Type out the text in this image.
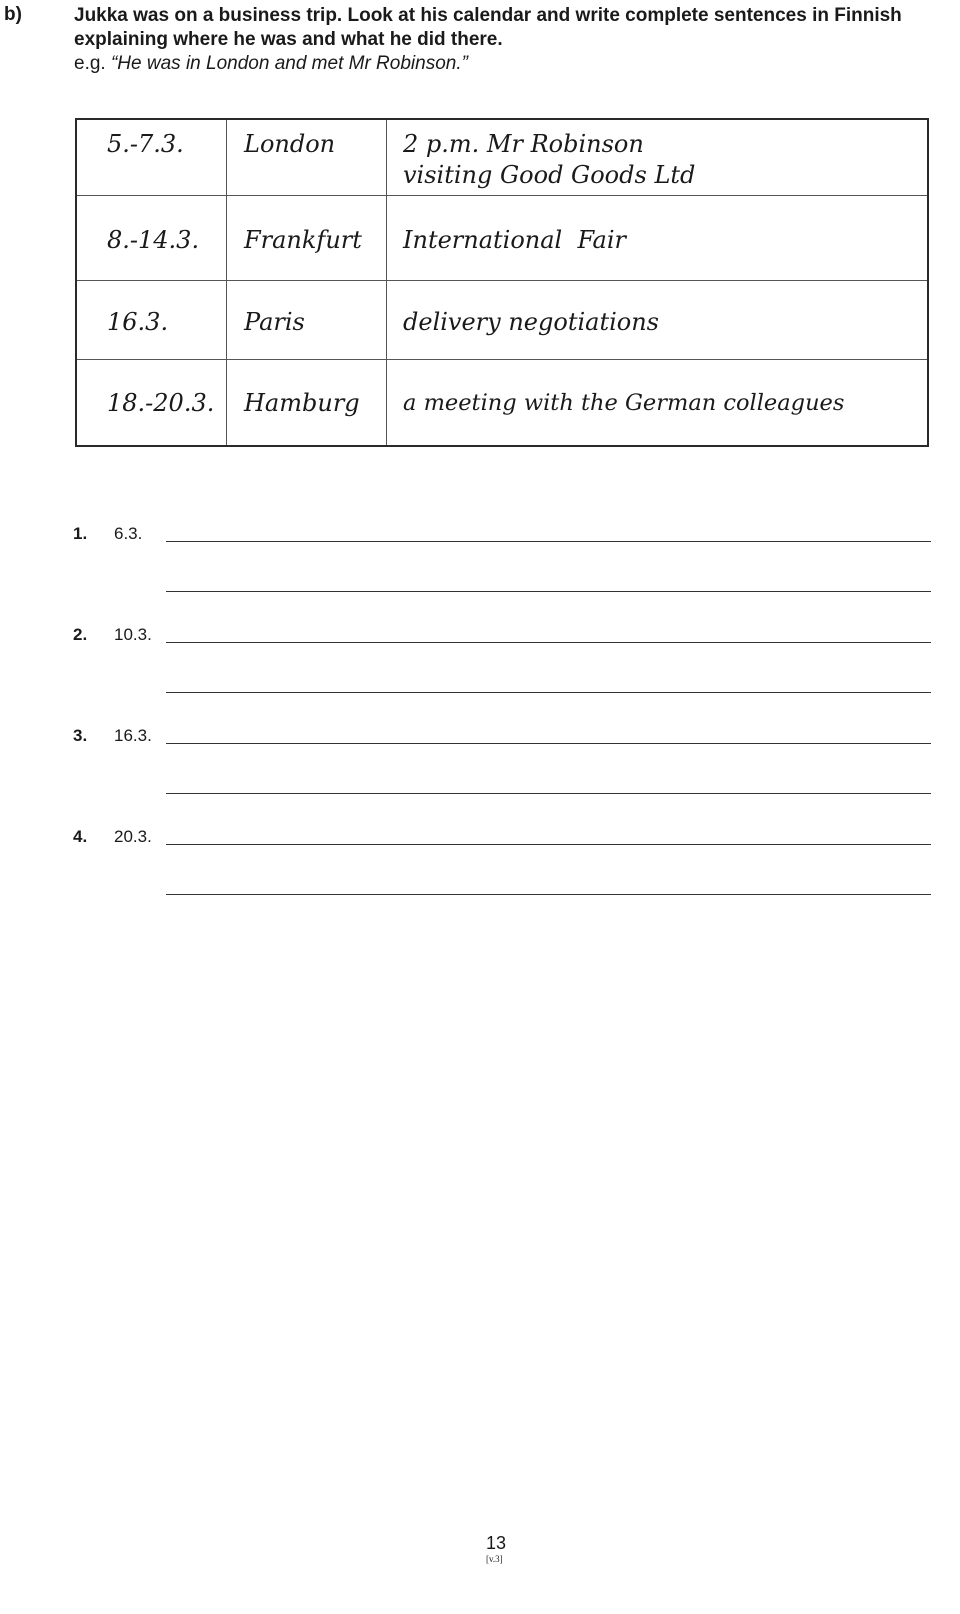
b)	Jukka was on a business trip. Look at his calendar and write complete sentences in Finnish explaining where he was and what he did there.
e.g. “He was in London and met Mr Robinson.”
5.-7.3.	London	2 p.m. Mr Robinson
visiting Good Goods Ltd
8.-14.3. Frankfurt International  Fair
16.3.	Paris	delivery negotiations
18.-20.3. Hamburg a meeting with the German colleagues
1. 6.3.
2. 10.3.
3. 16.3.
4. 20.3.
13
[v.3]
